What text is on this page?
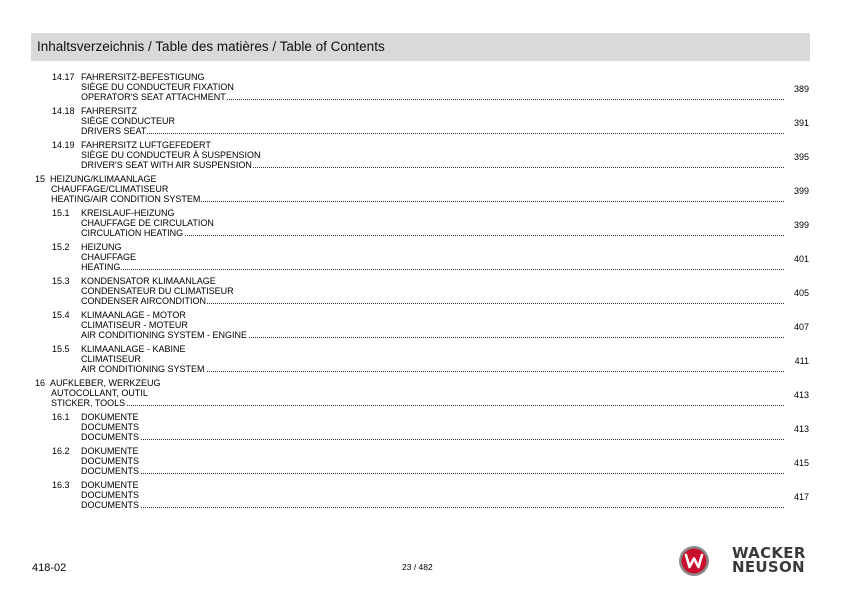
Inhaltsverzeichnis / Table des matières / Table of Contents
14.17 FAHRERSITZ-BEFESTIGUNG
SIÈGE DU CONDUCTEUR FIXATION
OPERATOR'S SEAT ATTACHMENT
389
14.18 FAHRERSITZ
SIÈGE CONDUCTEUR
DRIVERS SEAT
391
14.19 FAHRERSITZ LUFTGEFEDERT
SIÈGE DU CONDUCTEUR À SUSPENSION
DRIVER'S SEAT WITH AIR SUSPENSION
395
15 HEIZUNG/KLIMAANLAGE
CHAUFFAGE/CLIMATISEUR
HEATING/AIR CONDITION SYSTEM
399
15.1 KREISLAUF-HEIZUNG
CHAUFFAGE DE CIRCULATION
CIRCULATION HEATING
399
15.2 HEIZUNG
CHAUFFAGE
HEATING
401
15.3 KONDENSATOR KLIMAANLAGE
CONDENSATEUR DU CLIMATISEUR
CONDENSER AIRCONDITION
405
15.4 KLIMAANLAGE - MOTOR
CLIMATISEUR - MOTEUR
AIR CONDITIONING SYSTEM - ENGINE
407
15.5 KLIMAANLAGE - KABINE
CLIMATISEUR
AIR CONDITIONING SYSTEM
411
16 AUFKLEBER, WERKZEUG
AUTOCOLLANT, OUTIL
STICKER, TOOLS
413
16.1 DOKUMENTE
DOCUMENTS
DOCUMENTS
413
16.2 DOKUMENTE
DOCUMENTS
DOCUMENTS
415
16.3 DOKUMENTE
DOCUMENTS
DOCUMENTS
417
418-02	23 / 482
WACKER
NEUSON
